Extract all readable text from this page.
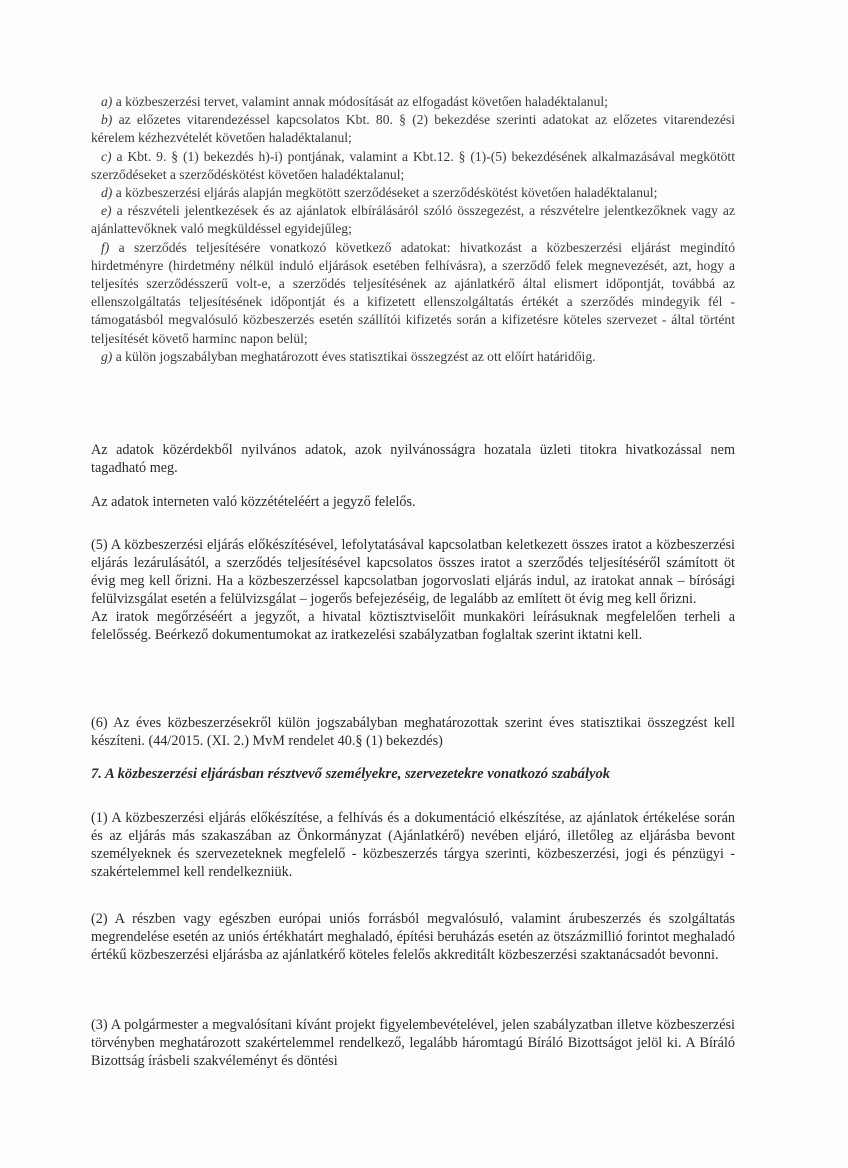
a) a közbeszerzési tervet, valamint annak módosítását az elfogadást követően haladéktalanul;

b) az előzetes vitarendezéssel kapcsolatos Kbt. 80. § (2) bekezdése szerinti adatokat az előzetes vitarendezési kérelem kézhezvételét követően haladéktalanul;

c) a Kbt. 9. § (1) bekezdés h)-i) pontjának, valamint a Kbt.12. § (1)-(5) bekezdésének alkalmazásával megkötött szerződéseket a szerződéskötést követően haladéktalanul;

d) a közbeszerzési eljárás alapján megkötött szerződéseket a szerződéskötést követően haladéktalanul;

e) a részvételi jelentkezések és az ajánlatok elbírálásáról szóló összegezést, a részvételre jelentkezőknek vagy az ajánlattevőknek való megküldéssel egyidejűleg;

f) a szerződés teljesítésére vonatkozó következő adatokat: hivatkozást a közbeszerzési eljárást megindító hirdetményre (hirdetmény nélkül induló eljárások esetében felhívásra), a szerződő felek megnevezését, azt, hogy a teljesítés szerződésszerű volt-e, a szerződés teljesítésének az ajánlatkérő által elismert időpontját, továbbá az ellenszolgáltatás teljesítésének időpontját és a kifizetett ellenszolgáltatás értékét a szerződés mindegyik fél - támogatásból megvalósuló közbeszerzés esetén szállítói kifizetés során a kifizetésre köteles szervezet - által történt teljesítését követő harminc napon belül;

g) a külön jogszabályban meghatározott éves statisztikai összegzést az ott előírt határidőig.

Az adatok közérdekből nyilvános adatok, azok nyilvánosságra hozatala üzleti titokra hivatkozással nem tagadható meg.

Az adatok interneten való közzétételéért a jegyző felelős.

(5) A közbeszerzési eljárás előkészítésével, lefolytatásával kapcsolatban keletkezett összes iratot a közbeszerzési eljárás lezárulásától, a szerződés teljesítésével kapcsolatos összes iratot a szerződés teljesítéséről számított öt évig meg kell őrizni. Ha a közbeszerzéssel kapcsolatban jogorvoslati eljárás indul, az iratokat annak – bírósági felülvizsgálat esetén a felülvizsgálat – jogerős befejezéséig, de legalább az említett öt évig meg kell őrizni.

Az iratok megőrzéséért a jegyzőt, a hivatal köztisztviselőit munkaköri leírásuknak megfelelően terheli a felelősség. Beérkező dokumentumokat az iratkezelési szabályzatban foglaltak szerint iktatni kell.

(6) Az éves közbeszerzésekről külön jogszabályban meghatározottak szerint éves statisztikai összegzést kell készíteni. (44/2015. (XI. 2.) MvM rendelet 40.§ (1) bekezdés)

7. A közbeszerzési eljárásban résztvevő személyekre, szervezetekre vonatkozó szabályok

(1) A közbeszerzési eljárás előkészítése, a felhívás és a dokumentáció elkészítése, az ajánlatok értékelése során és az eljárás más szakaszában az Önkormányzat (Ajánlatkérő) nevében eljáró, illetőleg az eljárásba bevont személyeknek és szervezeteknek megfelelő - közbeszerzés tárgya szerinti, közbeszerzési, jogi és pénzügyi - szakértelemmel kell rendelkezniük.

(2) A részben vagy egészben európai uniós forrásból megvalósuló, valamint árubeszerzés és szolgáltatás megrendelése esetén az uniós értékhatárt meghaladó, építési beruházás esetén az ötszázmillió forintot meghaladó értékű közbeszerzési eljárásba az ajánlatkérő köteles felelős akkreditált közbeszerzési szaktanácsadót bevonni.

(3) A polgármester a megvalósítani kívánt projekt figyelembevételével, jelen szabályzatban illetve közbeszerzési törvényben meghatározott szakértelemmel rendelkező, legalább háromtagú Bíráló Bizottságot jelöl ki. A Bíráló Bizottság írásbeli szakvéleményt és döntési
